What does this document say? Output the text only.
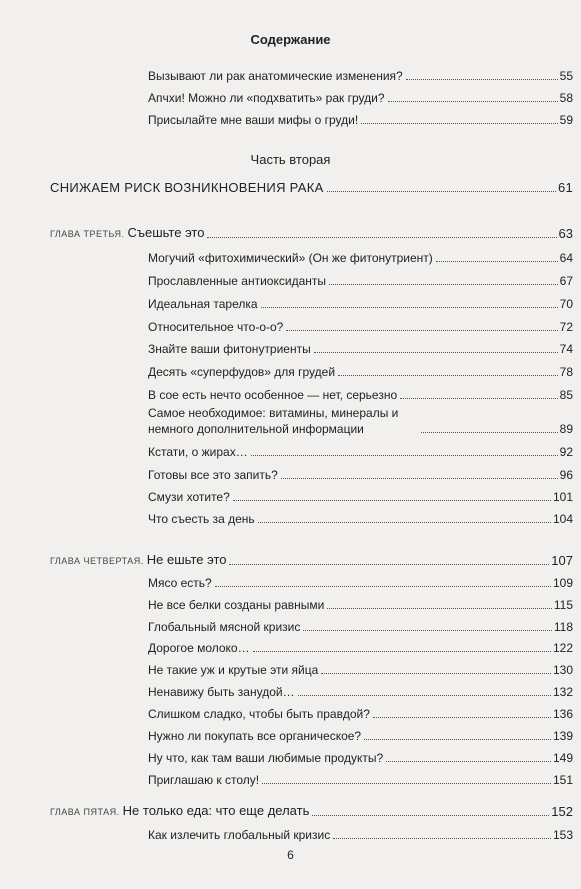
Содержание
Вызывают ли рак анатомические изменения?	55
Апчхи! Можно ли «подхватить» рак груди?	58
Присылайте мне ваши мифы о груди!	59
Часть вторая
СНИЖАЕМ РИСК ВОЗНИКНОВЕНИЯ РАКА	61
ГЛАВА ТРЕТЬЯ. Съешьте это	63
Могучий «фитохимический» (Он же фитонутриент)	64
Прославленные антиоксиданты	67
Идеальная тарелка	70
Относительное что-о-о?	72
Знайте ваши фитонутриенты	74
Десять «суперфудов» для грудей	78
В сое есть нечто особенное — нет, серьезно	85
Самое необходимое: витамины, минералы и немного дополнительной информации	89
Кстати, о жирах…	92
Готовы все это запить?	96
Смузи хотите?	101
Что съесть за день	104
ГЛАВА ЧЕТВЕРТАЯ. Не ешьте это	107
Мясо есть?	109
Не все белки созданы равными	115
Глобальный мясной кризис	118
Дорогое молоко…	122
Не такие уж и крутые эти яйца	130
Ненавижу быть занудой…	132
Слишком сладко, чтобы быть правдой?	136
Нужно ли покупать все органическое?	139
Ну что, как там ваши любимые продукты?	149
Приглашаю к столу!	151
ГЛАВА ПЯТАЯ. Не только еда: что еще делать	152
Как излечить глобальный кризис	153
6
